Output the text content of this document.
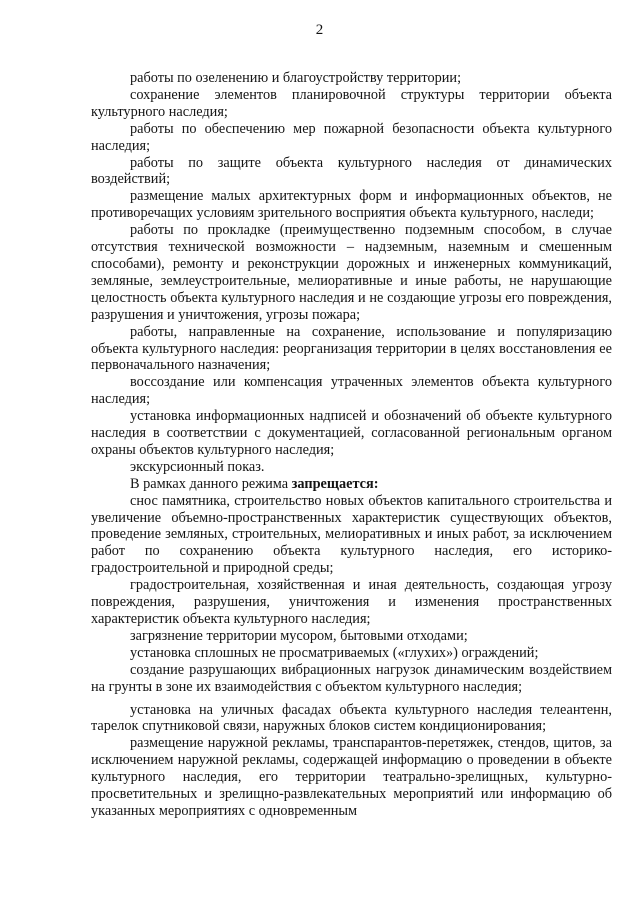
2

работы по озеленению и благоустройству территории;

сохранение элементов планировочной структуры территории объекта культурного наследия;

работы по обеспечению мер пожарной безопасности объекта культурного наследия;

работы по защите объекта культурного наследия от динамических воздействий;

размещение малых архитектурных форм и информационных объектов, не противоречащих условиям зрительного восприятия объекта культурного, наследи;

работы по прокладке (преимущественно подземным способом, в случае отсутствия технической возможности – надземным, наземным и смешенным способами), ремонту и реконструкции дорожных и инженерных коммуникаций, земляные, землеустроительные, мелиоративные и иные работы, не нарушающие целостность объекта культурного наследия и не создающие угрозы его повреждения, разрушения и уничтожения, угрозы пожара;

работы, направленные на сохранение, использование и популяризацию объекта культурного наследия: реорганизация территории в целях восстановления ее первоначального назначения;

воссоздание или компенсация утраченных элементов объекта культурного наследия;

установка информационных надписей и обозначений об объекте культурного наследия в соответствии с документацией, согласованной региональным органом охраны объектов культурного наследия;

экскурсионный показ.

В рамках данного режима запрещается:

снос памятника, строительство новых объектов капитального строительства и увеличение объемно-пространственных характеристик существующих объектов, проведение земляных, строительных, мелиоративных и иных работ, за исключением работ по сохранению объекта культурного наследия, его историко-градостроительной и природной среды;

градостроительная, хозяйственная и иная деятельность, создающая угрозу повреждения, разрушения, уничтожения и изменения пространственных характеристик объекта культурного наследия;

загрязнение территории мусором, бытовыми отходами;

установка сплошных не просматриваемых («глухих») ограждений;

создание разрушающих вибрационных нагрузок динамическим воздействием на грунты в зоне их взаимодействия с объектом культурного наследия;

установка на уличных фасадах объекта культурного наследия телеантенн, тарелок спутниковой связи, наружных блоков систем кондиционирования;

размещение наружной рекламы, транспарантов-перетяжек, стендов, щитов, за исключением наружной рекламы, содержащей информацию о проведении в объекте культурного наследия, его территории театрально-зрелищных, культурно-просветительных и зрелищно-развлекательных мероприятий или информацию об указанных мероприятиях с одновременным
